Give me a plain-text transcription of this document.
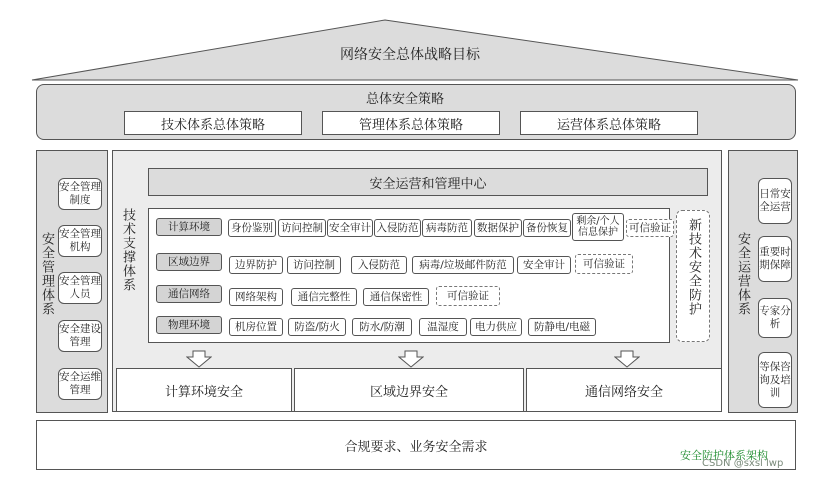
网络安全总体战略目标
总体安全策略
技术体系总体策略	管理体系总体策略	运营体系总体策略
安全管理体系
安全管理制度
安全管理机构
安全管理人员
安全建设管理
安全运维管理
安全运营体系
日常安全运营
重要时期保障
专家分析
等保咨询及培训
安全运营和管理中心
技术支撑体系	计算环境	身份鉴别 访问控制 安全审计 入侵防范 病毒防范 数据保护 备份恢复 剩余/个人信息保护	可信验证
区域边界	边界防护	访问控制	入侵防范	病毒/垃圾邮件防范	安全审计	可信验证
通信网络	网络架构	通信完整性	通信保密性	可信验证
物理环境	机房位置	防盗/防火	防水/防潮	温湿度	电力供应	防静电/电磁
新技术安全防护
计算环境安全	区域边界安全	通信网络安全
合规要求、业务安全需求
安全防护体系架构
CSDN @sxsl lwp
